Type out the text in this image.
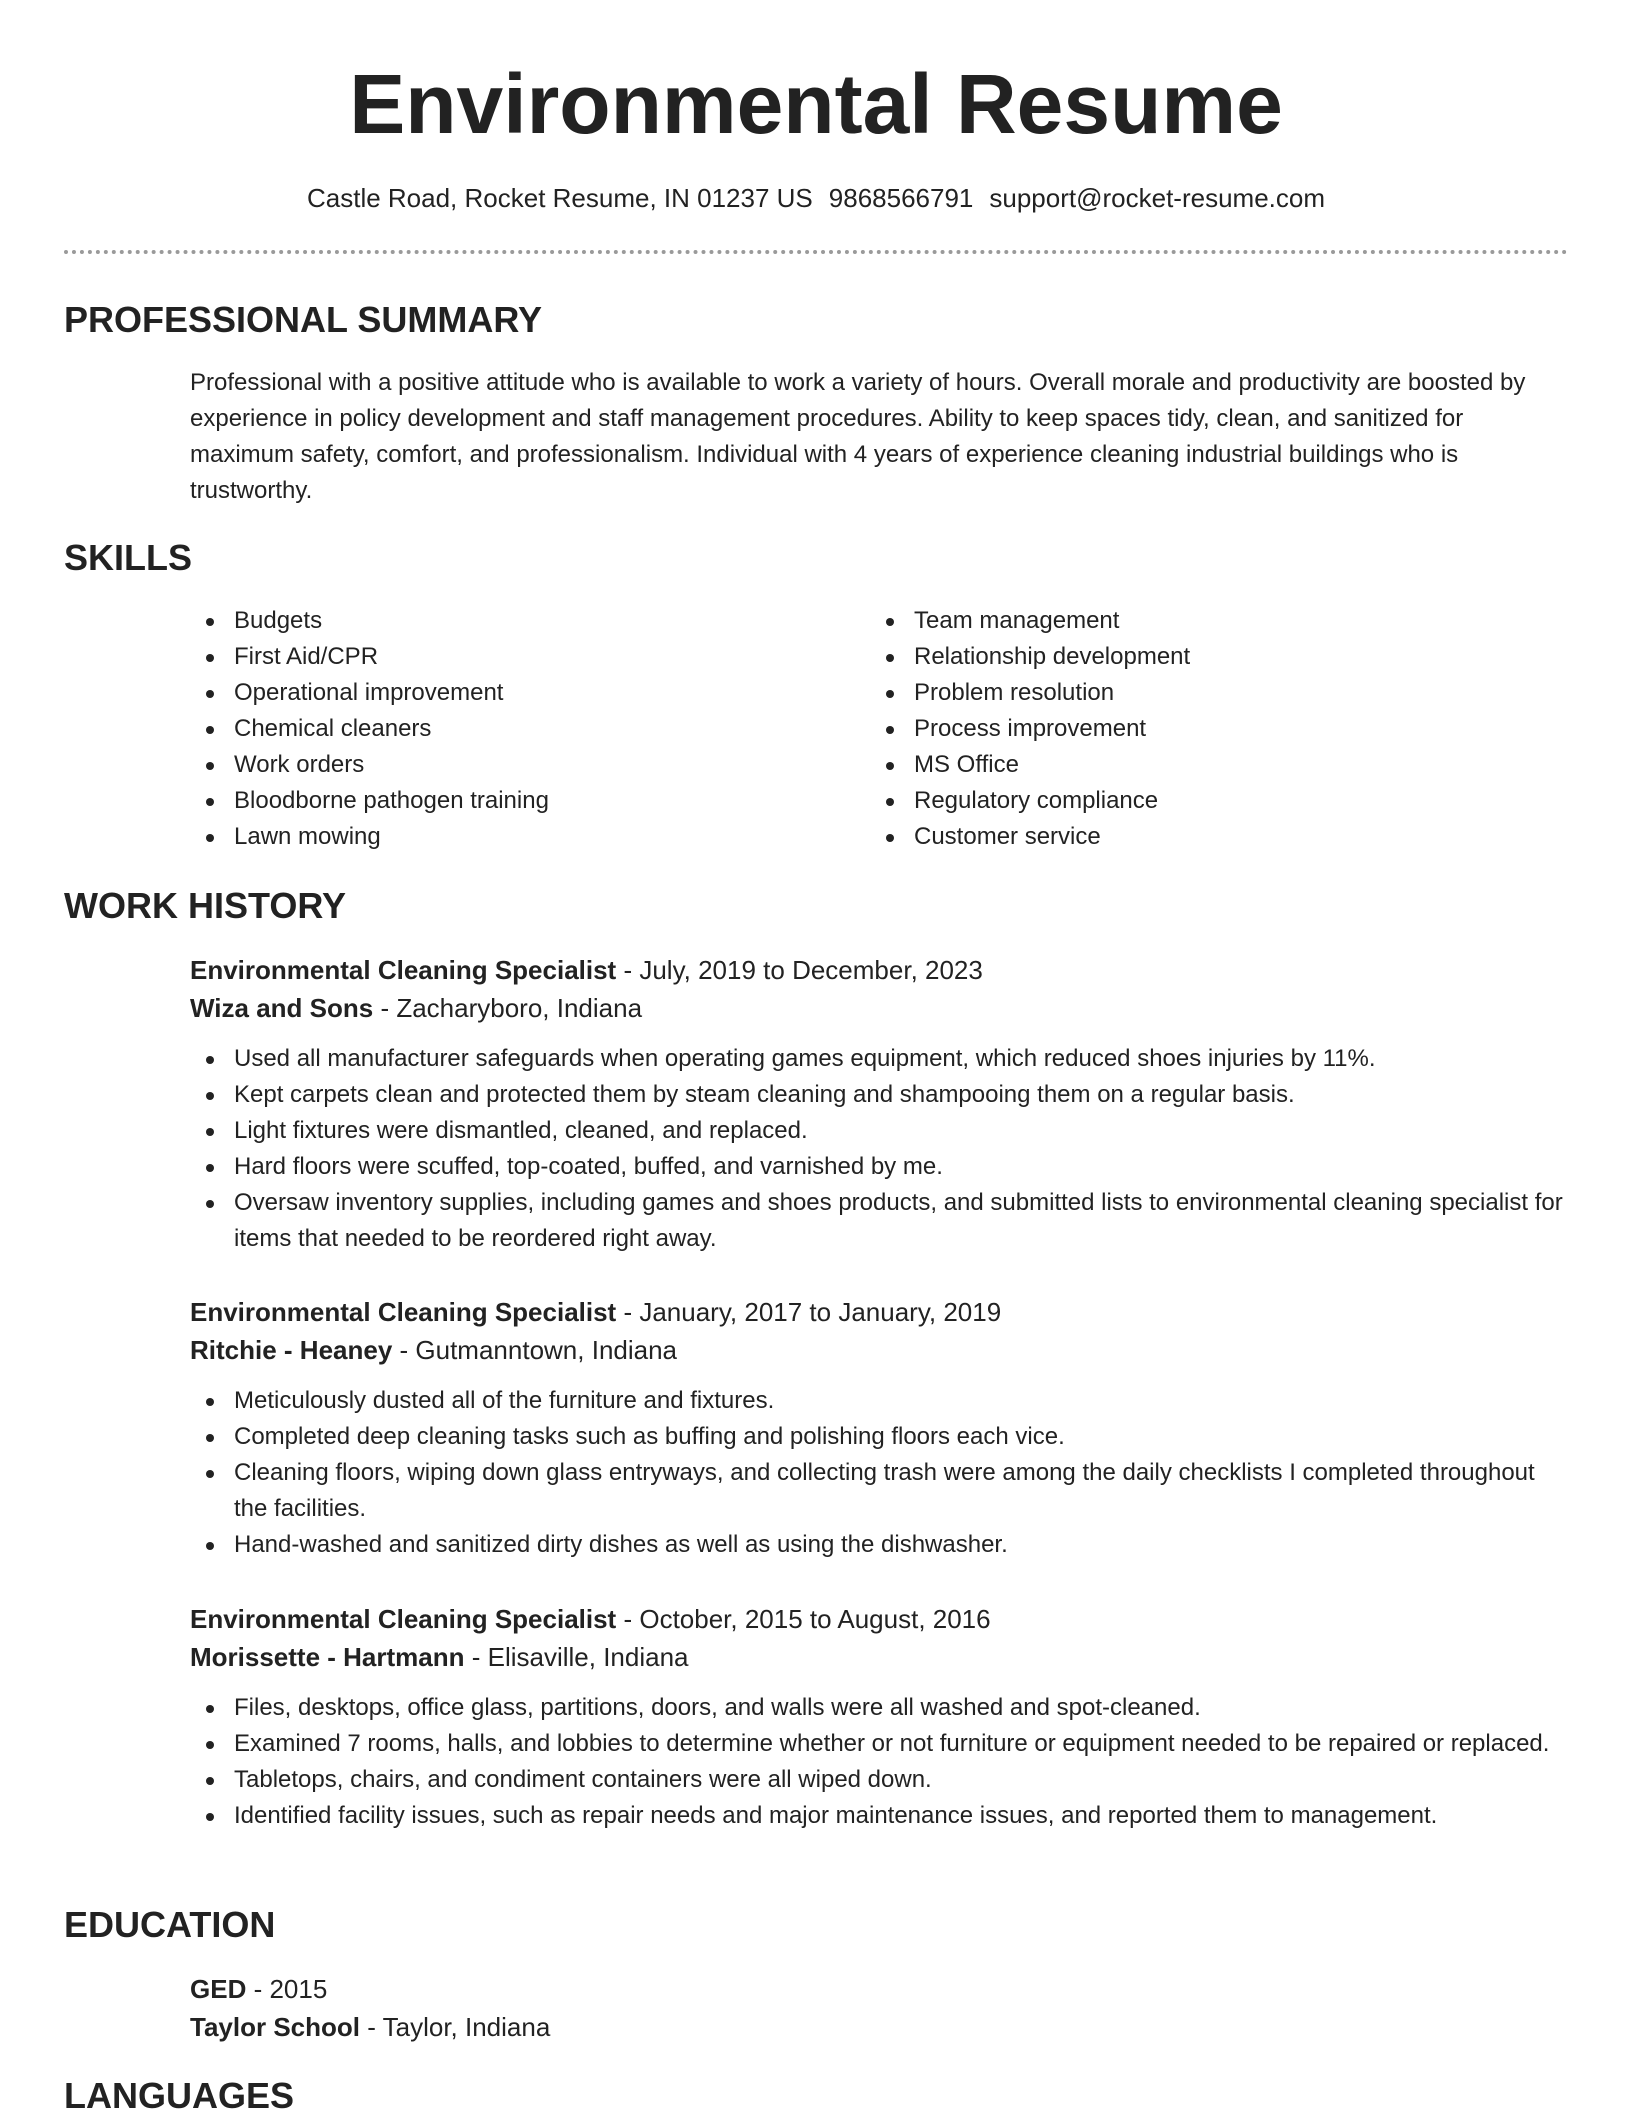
Environmental Resume
Castle Road, Rocket Resume, IN 01237 US 9868566791 support@rocket-resume.com
PROFESSIONAL SUMMARY
Professional with a positive attitude who is available to work a variety of hours. Overall morale and productivity are boosted by experience in policy development and staff management procedures. Ability to keep spaces tidy, clean, and sanitized for maximum safety, comfort, and professionalism. Individual with 4 years of experience cleaning industrial buildings who is trustworthy.
SKILLS
Budgets
First Aid/CPR
Operational improvement
Chemical cleaners
Work orders
Bloodborne pathogen training
Lawn mowing
Team management
Relationship development
Problem resolution
Process improvement
MS Office
Regulatory compliance
Customer service
WORK HISTORY
Environmental Cleaning Specialist - July, 2019 to December, 2023
Wiza and Sons - Zacharyboro, Indiana
Used all manufacturer safeguards when operating games equipment, which reduced shoes injuries by 11%.
Kept carpets clean and protected them by steam cleaning and shampooing them on a regular basis.
Light fixtures were dismantled, cleaned, and replaced.
Hard floors were scuffed, top-coated, buffed, and varnished by me.
Oversaw inventory supplies, including games and shoes products, and submitted lists to environmental cleaning specialist for items that needed to be reordered right away.
Environmental Cleaning Specialist - January, 2017 to January, 2019
Ritchie - Heaney - Gutmanntown, Indiana
Meticulously dusted all of the furniture and fixtures.
Completed deep cleaning tasks such as buffing and polishing floors each vice.
Cleaning floors, wiping down glass entryways, and collecting trash were among the daily checklists I completed throughout the facilities.
Hand-washed and sanitized dirty dishes as well as using the dishwasher.
Environmental Cleaning Specialist - October, 2015 to August, 2016
Morissette - Hartmann - Elisaville, Indiana
Files, desktops, office glass, partitions, doors, and walls were all washed and spot-cleaned.
Examined 7 rooms, halls, and lobbies to determine whether or not furniture or equipment needed to be repaired or replaced.
Tabletops, chairs, and condiment containers were all wiped down.
Identified facility issues, such as repair needs and major maintenance issues, and reported them to management.
EDUCATION
GED - 2015
Taylor School - Taylor, Indiana
LANGUAGES
